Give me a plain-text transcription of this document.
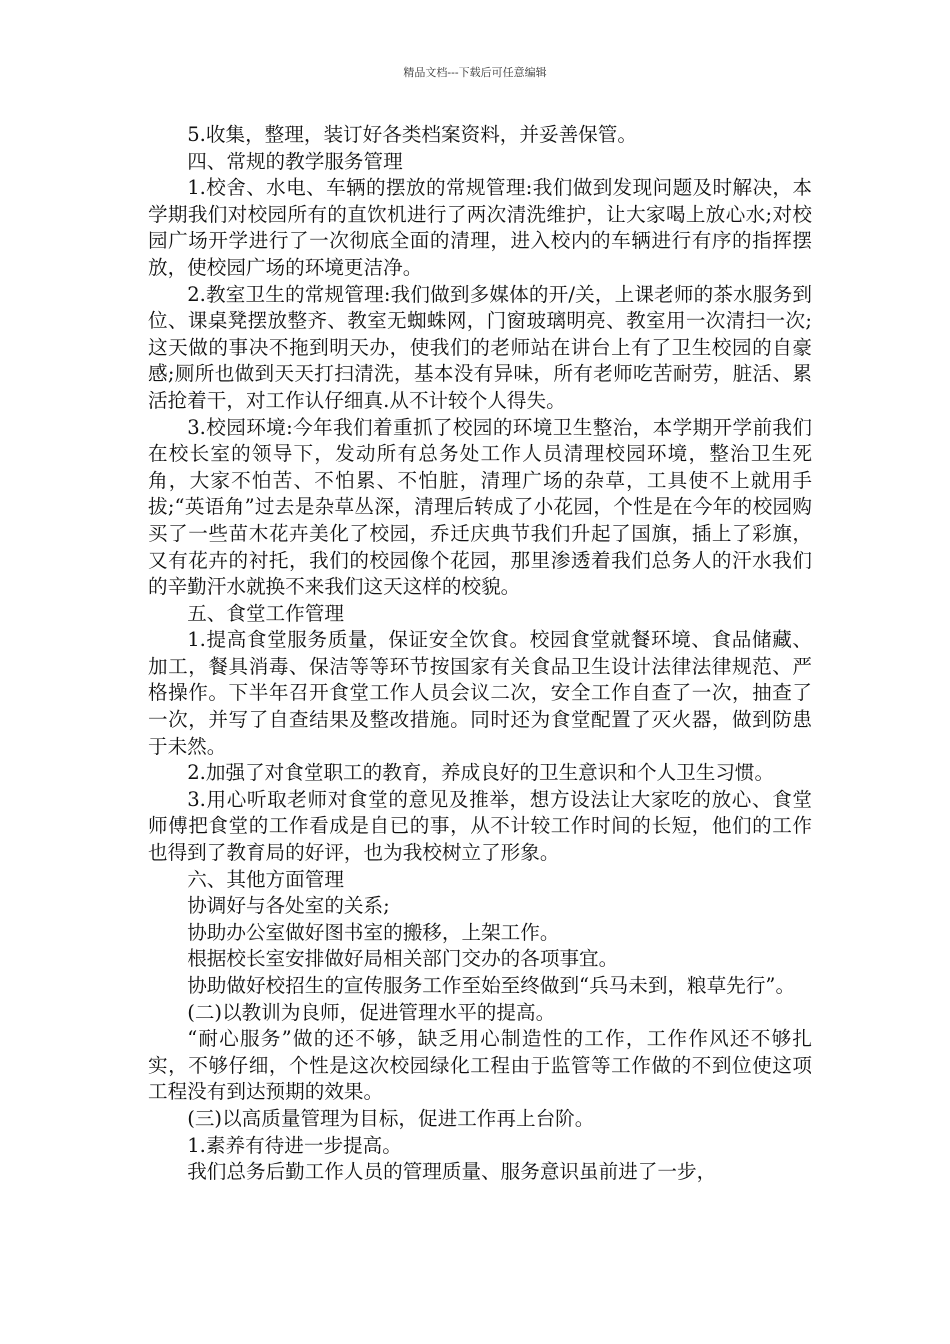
精品文档---下载后可任意编辑

5.收集，整理，装订好各类档案资料，并妥善保管。

四、常规的教学服务管理

1.校舍、水电、车辆的摆放的常规管理:我们做到发现问题及时解决，本学期我们对校园所有的直饮机进行了两次清洗维护，让大家喝上放心水;对校园广场开学进行了一次彻底全面的清理，进入校内的车辆进行有序的指挥摆放，使校园广场的环境更洁净。

2.教室卫生的常规管理:我们做到多媒体的开/关，上课老师的茶水服务到位、课桌凳摆放整齐、教室无蜘蛛网，门窗玻璃明亮、教室用一次清扫一次;这天做的事决不拖到明天办，使我们的老师站在讲台上有了卫生校园的自豪感;厕所也做到天天打扫清洗，基本没有异味，所有老师吃苦耐劳，脏活、累活抢着干，对工作认仔细真.从不计较个人得失。

3.校园环境:今年我们着重抓了校园的环境卫生整治，本学期开学前我们在校长室的领导下，发动所有总务处工作人员清理校园环境，整治卫生死角，大家不怕苦、不怕累、不怕脏，清理广场的杂草，工具使不上就用手拔;“英语角”过去是杂草丛深，清理后转成了小花园，个性是在今年的校园购买了一些苗木花卉美化了校园，乔迁庆典节我们升起了国旗，插上了彩旗，又有花卉的衬托，我们的校园像个花园，那里渗透着我们总务人的汗水我们的辛勤汗水就换不来我们这天这样的校貌。

五、食堂工作管理

1.提高食堂服务质量，保证安全饮食。校园食堂就餐环境、食品储藏、加工，餐具消毒、保洁等等环节按国家有关食品卫生设计法律法律规范、严格操作。下半年召开食堂工作人员会议二次，安全工作自查了一次，抽查了一次，并写了自查结果及整改措施。同时还为食堂配置了灭火器，做到防患于未然。

2.加强了对食堂职工的教育，养成良好的卫生意识和个人卫生习惯。

3.用心听取老师对食堂的意见及推举，想方设法让大家吃的放心、食堂师傅把食堂的工作看成是自已的事，从不计较工作时间的长短，他们的工作也得到了教育局的好评，也为我校树立了形象。

六、其他方面管理

协调好与各处室的关系;

协助办公室做好图书室的搬移，上架工作。

根据校长室安排做好局相关部门交办的各项事宜。

协助做好校招生的宣传服务工作至始至终做到“兵马未到，粮草先行”。

(二)以教训为良师，促进管理水平的提高。

“耐心服务”做的还不够，缺乏用心制造性的工作，工作作风还不够扎实，不够仔细，个性是这次校园绿化工程由于监管等工作做的不到位使这项工程没有到达预期的效果。

(三)以高质量管理为目标，促进工作再上台阶。

1.素养有待进一步提高。

我们总务后勤工作人员的管理质量、服务意识虽前进了一步，
